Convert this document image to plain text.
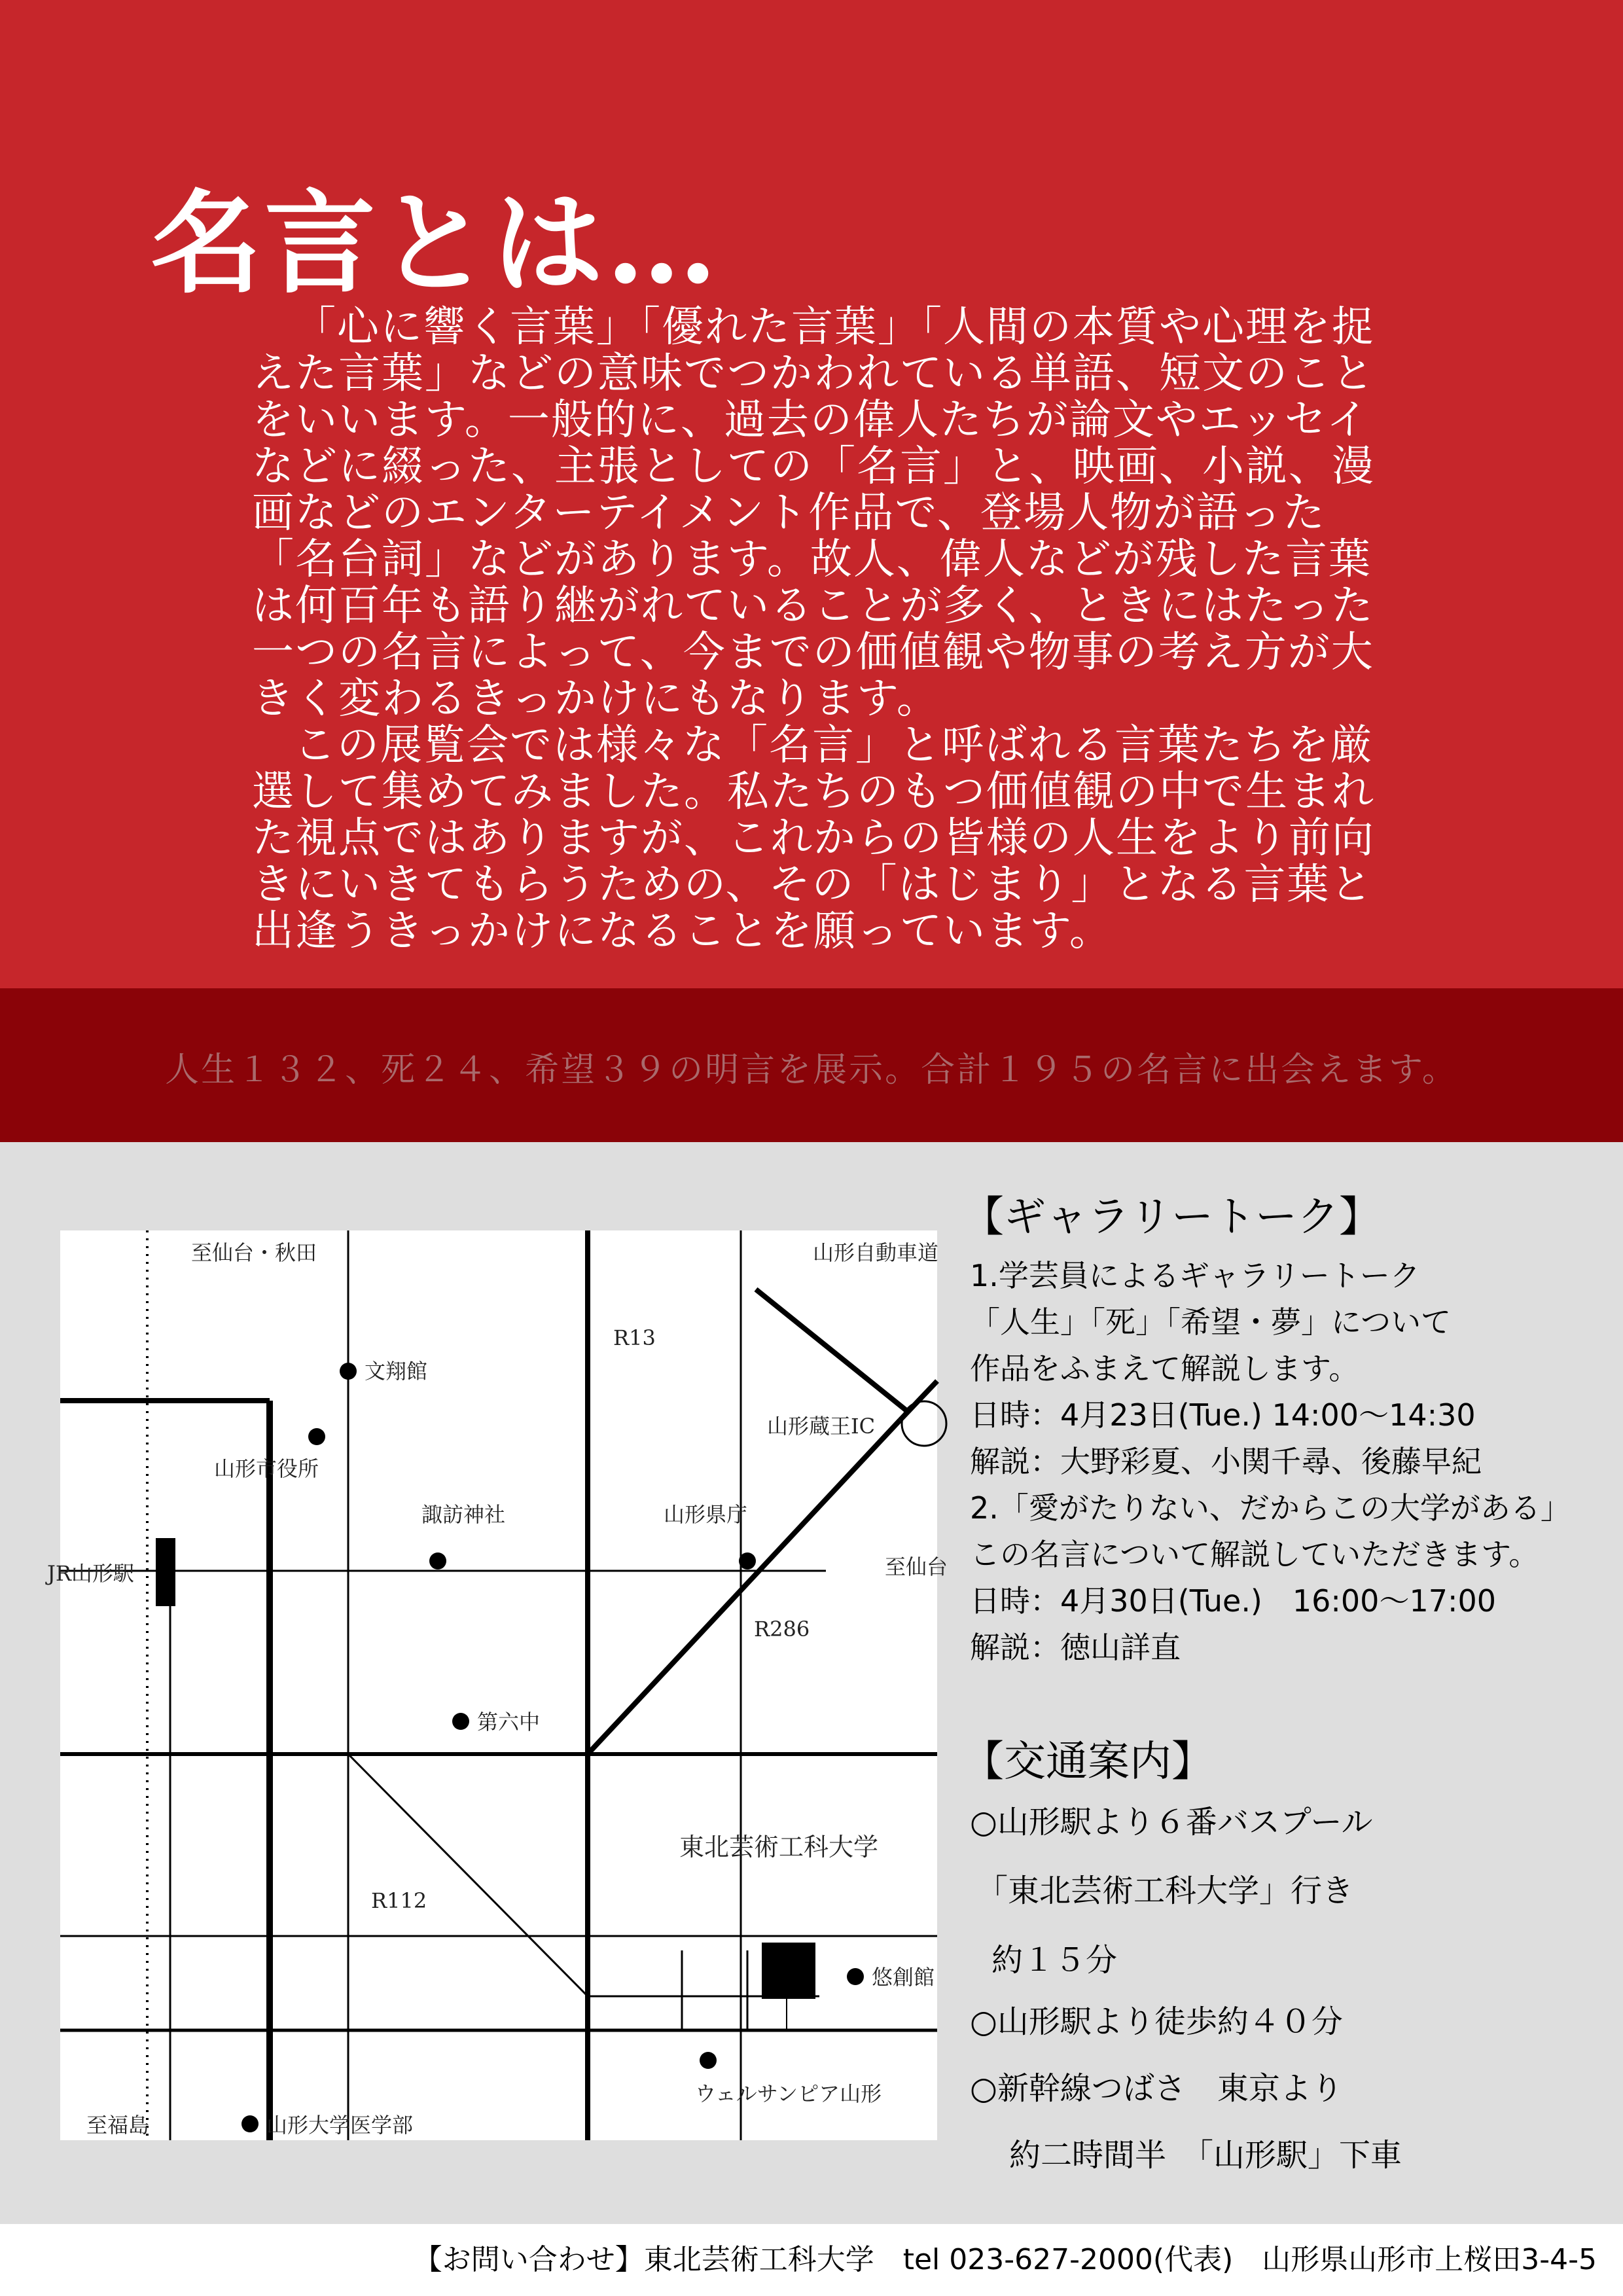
名言とは…

「心に響く言葉」「優れた言葉」「人間の本質や心理を捉えた言葉」などの意味でつかわれている単語、短文のことをいいます。一般的に、過去の偉人たちが論文やエッセイなどに綴った、主張としての「名言」と、映画、小説、漫画などのエンターテイメント作品で、登場人物が語った「名台詞」などがあります。故人、偉人などが残した言葉は何百年も語り継がれていることが多く、ときにはたった一つの名言によって、今までの価値観や物事の考え方が大きく変わるきっかけにもなります。

この展覧会では様々な「名言」と呼ばれる言葉たちを厳選して集めてみました。私たちのもつ価値観の中で生まれた視点ではありますが、これからの皆様の人生をより前向きにいきてもらうための、その「はじまり」となる言葉と出逢うきっかけになることを願っています。

人生１３２、死２４、希望３９の明言を展示。合計１９５の名言に出会えます。
至仙台・秋田	山形自動車道
R13
文翔館
山形蔵王IC
山形市役所
諏訪神社	山形県庁
JR山形駅	至仙台
R286
第六中
東北芸術工科大学
R112
悠創館
ウェルサンピア山形
至福島	山形大学医学部
【ギャラリートーク】
1.学芸員によるギャラリートーク
「人生」「死」「希望・夢」について
作品をふまえて解説します。
日時：4月23日(Tue.) 14:00〜14:30
解説：大野彩夏、小関千尋、後藤早紀
2.「愛がたりない、だからこの大学がある」
この名言について解説していただきます。
日時：4月30日(Tue.)　16:00〜17:00
解説：徳山詳直
【交通案内】
○山形駅より６番バスプール
「東北芸術工科大学」行き
約１５分
○山形駅より徒歩約４０分
○新幹線つばさ　東京より
約二時間半　「山形駅」下車
【お問い合わせ】東北芸術工科大学　tel 023-627-2000(代表)　山形県山形市上桜田3-4-5
